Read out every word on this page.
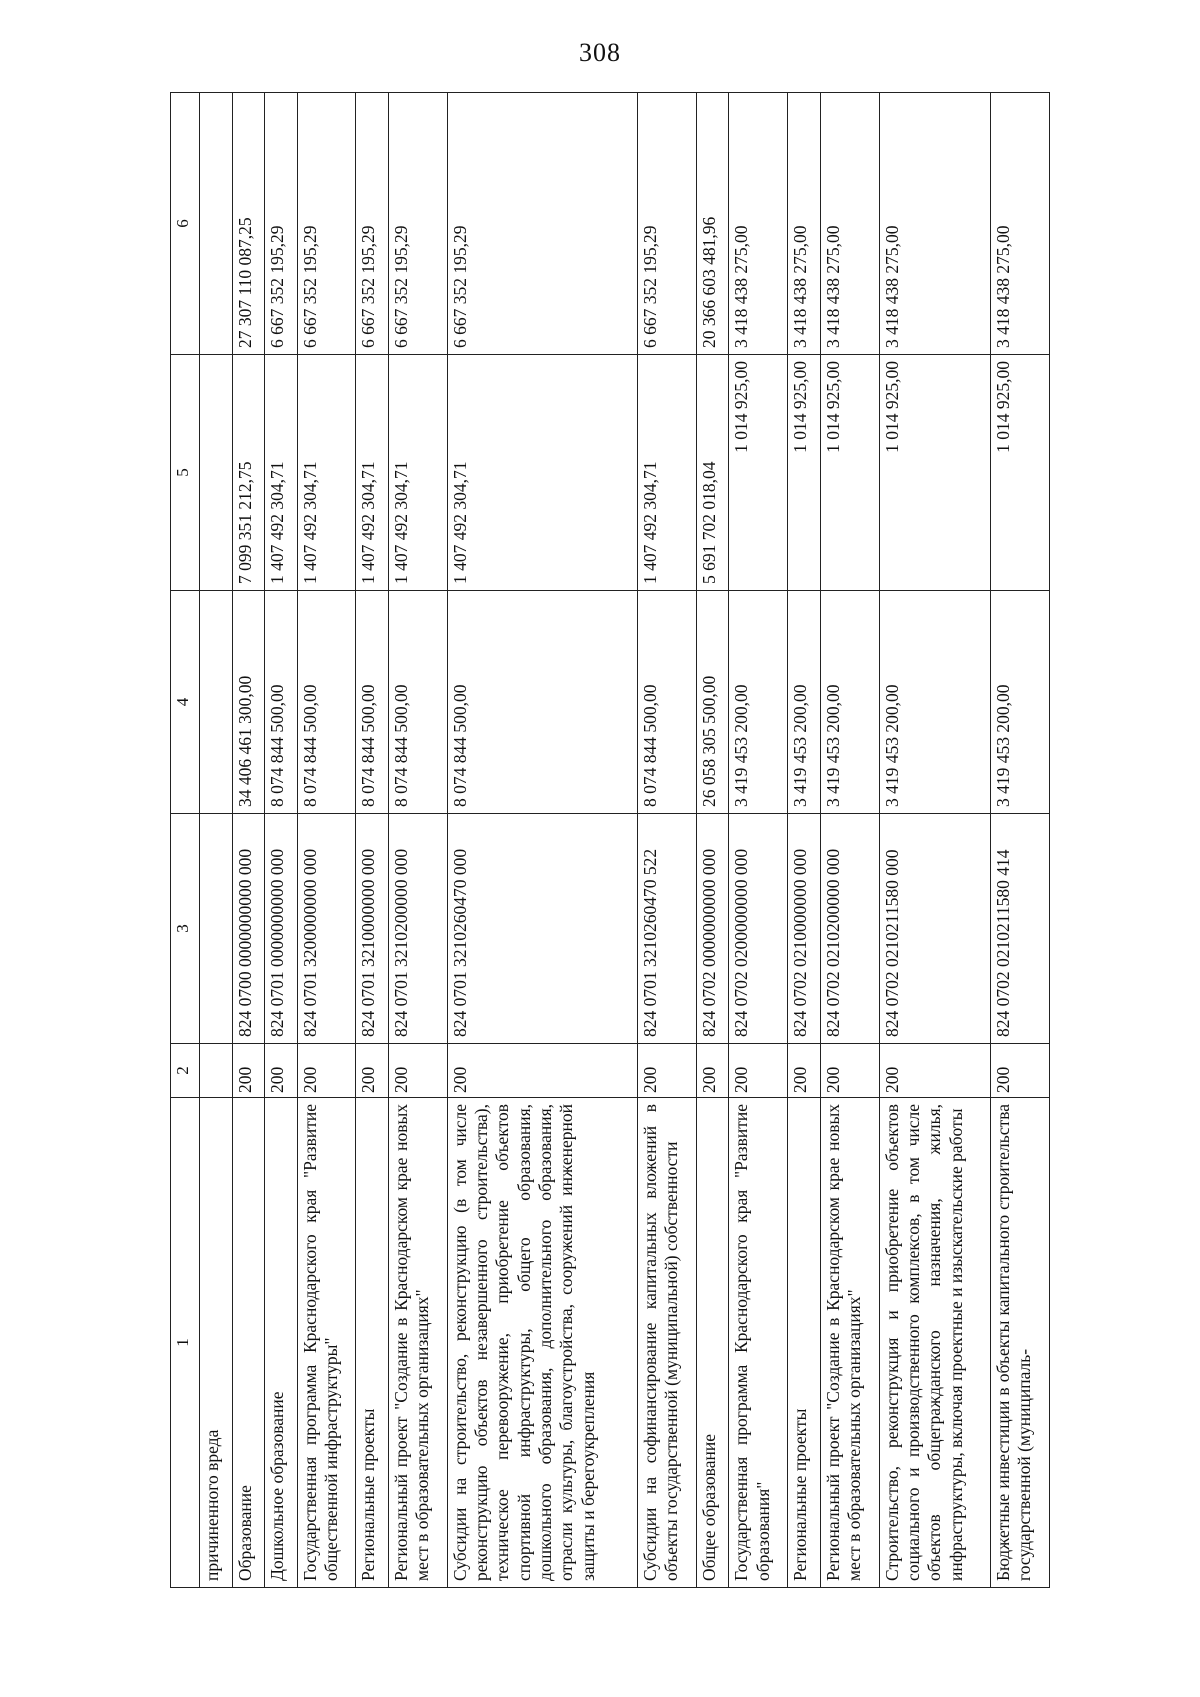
308
1	2	3	4	5	6
причиненного вреда					
Образование	200	824 0700 0000000000 000	34 406 461 300,00	7 099 351 212,75	27 307 110 087,25
Дошкольное образование	200	824 0701 0000000000 000	8 074 844 500,00	1 407 492 304,71	6 667 352 195,29
Государственная программа Краснодарского края "Развитие общественной инфраструктуры"	200	824 0701 3200000000 000	8 074 844 500,00	1 407 492 304,71	6 667 352 195,29
Региональные проекты	200	824 0701 3210000000 000	8 074 844 500,00	1 407 492 304,71	6 667 352 195,29
Региональный проект "Создание в Краснодарском крае новых мест в образовательных организациях"	200	824 0701 3210200000 000	8 074 844 500,00	1 407 492 304,71	6 667 352 195,29
Субсидии на строительство, реконструкцию (в том числе реконструкцию объектов незавершенного строительства), техническое перевооружение, приобретение объектов спортивной инфраструктуры, общего образования, дошкольного образования, дополнительного образования, отрасли культуры, благоустройства, сооружений инженерной защиты и берегоукрепления	200	824 0701 3210260470 000	8 074 844 500,00	1 407 492 304,71	6 667 352 195,29
Субсидии на софинансирование капитальных вложений в объекты государственной (муниципальной) собственности	200	824 0701 3210260470 522	8 074 844 500,00	1 407 492 304,71	6 667 352 195,29
Общее образование	200	824 0702 0000000000 000	26 058 305 500,00	5 691 702 018,04	20 366 603 481,96
Государственная программа Краснодарского края "Развитие образования"	200	824 0702 0200000000 000	3 419 453 200,00	1 014 925,00	3 418 438 275,00
Региональные проекты	200	824 0702 0210000000 000	3 419 453 200,00	1 014 925,00	3 418 438 275,00
Региональный проект "Создание в Краснодарском крае новых мест в образовательных организациях"	200	824 0702 0210200000 000	3 419 453 200,00	1 014 925,00	3 418 438 275,00
Строительство, реконструкция и приобретение объектов социального и производственного комплексов, в том числе объектов общегражданского назначения, жилья, инфраструктуры, включая проектные и изыскательские работы	200	824 0702 0210211580 000	3 419 453 200,00	1 014 925,00	3 418 438 275,00
Бюджетные инвестиции в объекты капитального строительства государственной (муниципаль-	200	824 0702 0210211580 414	3 419 453 200,00	1 014 925,00	3 418 438 275,00
